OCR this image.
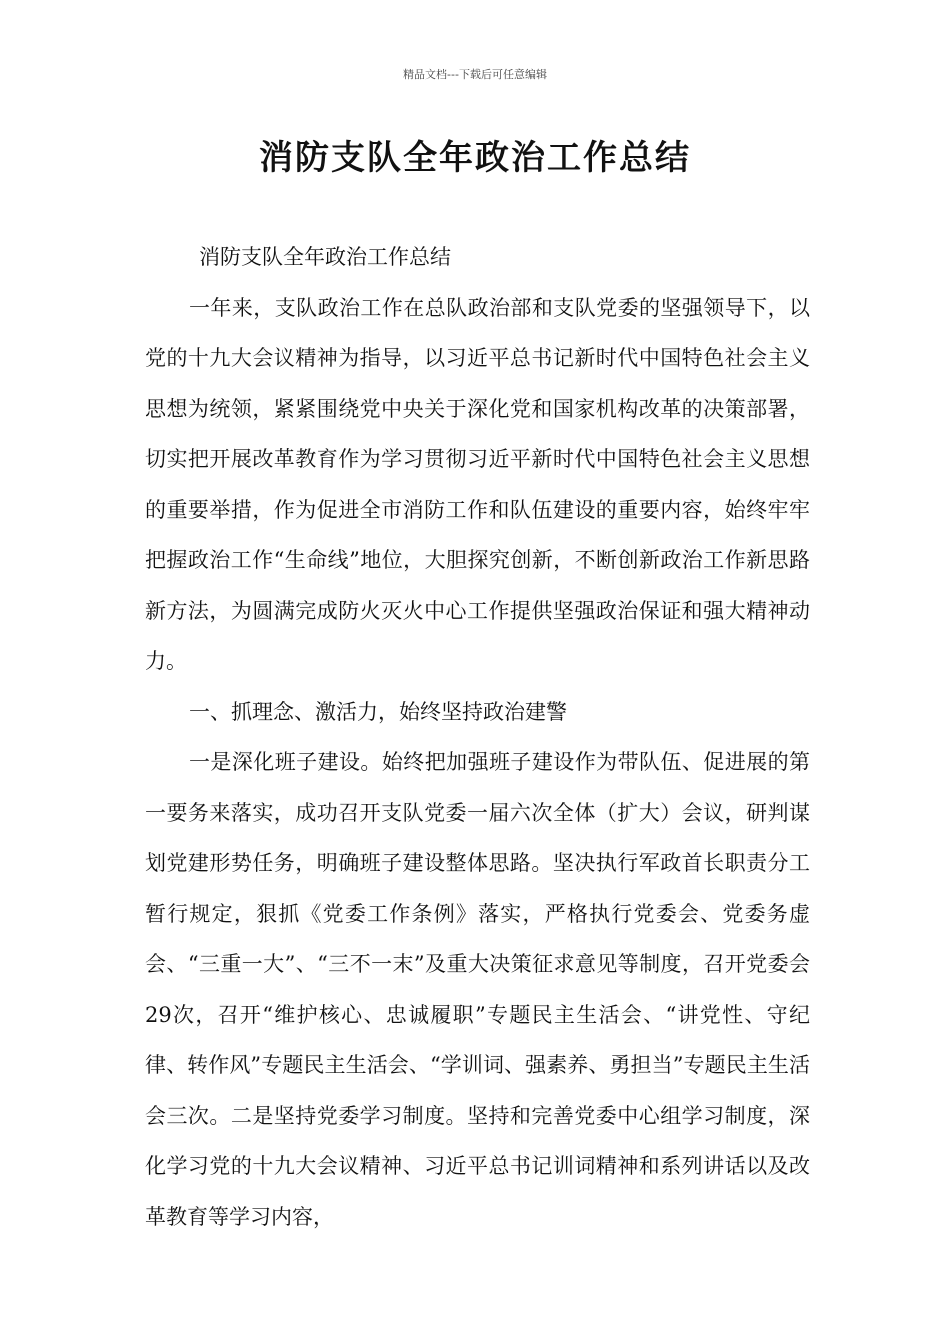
精品文档---下载后可任意编辑
消防支队全年政治工作总结

消防支队全年政治工作总结

一年来，支队政治工作在总队政治部和支队党委的坚强领导下，以党的十九大会议精神为指导，以习近平总书记新时代中国特色社会主义思想为统领，紧紧围绕党中央关于深化党和国家机构改革的决策部署，切实把开展改革教育作为学习贯彻习近平新时代中国特色社会主义思想的重要举措，作为促进全市消防工作和队伍建设的重要内容，始终牢牢把握政治工作“生命线”地位，大胆探究创新，不断创新政治工作新思路新方法，为圆满完成防火灭火中心工作提供坚强政治保证和强大精神动力。

一、抓理念、激活力，始终坚持政治建警

一是深化班子建设。始终把加强班子建设作为带队伍、促进展的第一要务来落实，成功召开支队党委一届六次全体（扩大）会议，研判谋划党建形势任务，明确班子建设整体思路。坚决执行军政首长职责分工暂行规定，狠抓《党委工作条例》落实，严格执行党委会、党委务虚会、“三重一大”、“三不一末”及重大决策征求意见等制度，召开党委会29次，召开“维护核心、忠诚履职”专题民主生活会、“讲党性、守纪律、转作风”专题民主生活会、“学训词、强素养、勇担当”专题民主生活会三次。二是坚持党委学习制度。坚持和完善党委中心组学习制度，深化学习党的十九大会议精神、习近平总书记训词精神和系列讲话以及改革教育等学习内容，
